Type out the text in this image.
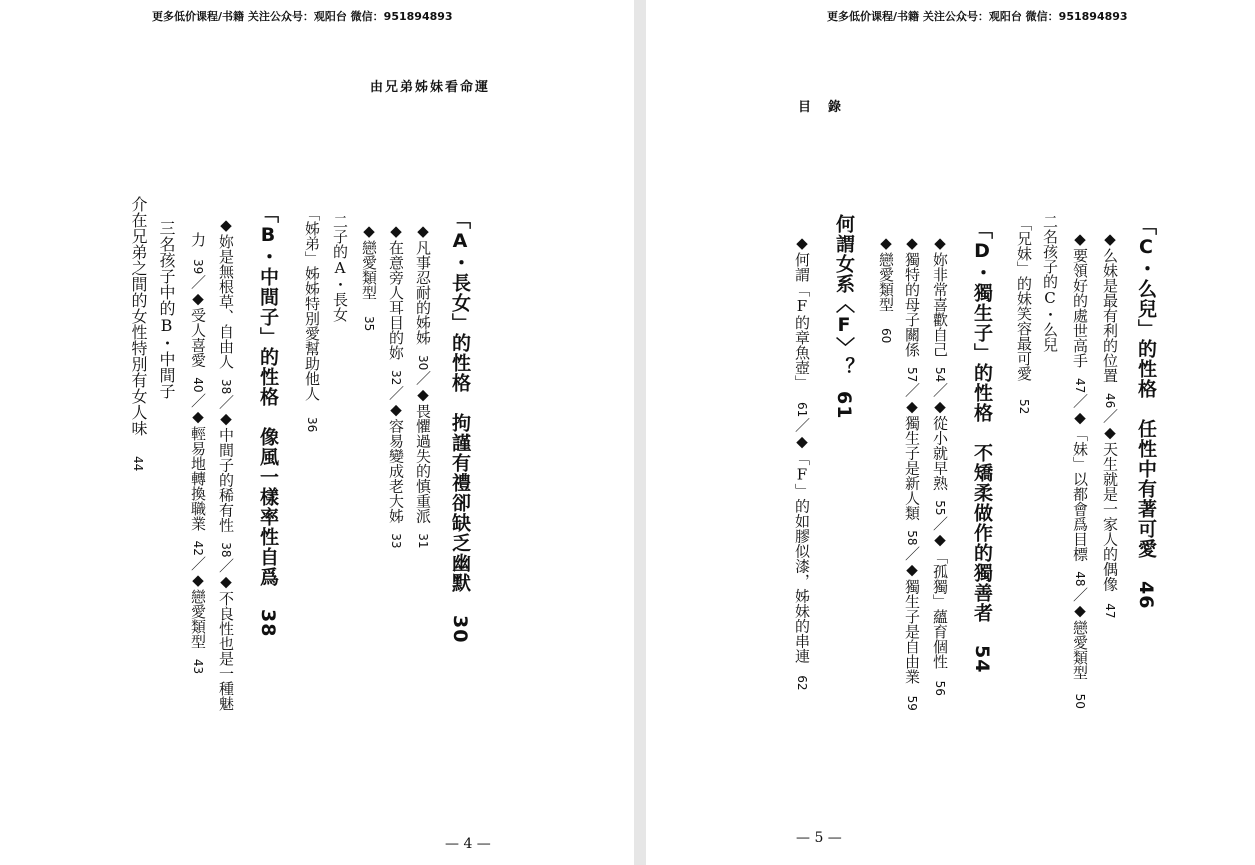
更多低价课程/书籍 关注公众号：观阳台 微信：951894893
由兄弟姊妹看命運
「A・長女」的性格　拘謹有禮卻缺乏幽默30
◆凡事忍耐的姊姊30／◆畏懼過失的慎重派31
◆在意旁人耳目的妳32／◆容易變成老大姊33
◆戀愛類型35
二子的A・長女
「姊弟」姊姊特別愛幫助他人36
「B・中間子」的性格　像風一樣率性自爲38
◆妳是無根草、自由人38／◆中間子的稀有性38／◆不良性也是一種魅
力39／◆受人喜愛40／◆輕易地轉換職業42／◆戀愛類型43
三名孩子中的B・中間子
介在兄弟之間的女性特別有女人味44
— 4 —
更多低价课程/书籍 关注公众号：观阳台 微信：951894893
目　錄
「C・么兒」的性格　任性中有著可愛46
◆么妹是最有利的位置46／◆天生就是一家人的偶像47
◆要領好的處世高手47／◆「妹」以都會爲目標48／◆戀愛類型50
二名孩子的C・么兒
「兄妹」的妹笑容最可愛52
「D・獨生子」的性格　不矯柔做作的獨善者54
◆妳非常喜歡自己54／◆從小就早熟55／◆「孤獨」蘊育個性56
◆獨特的母子關係57／◆獨生子是新人類58／◆獨生子是自由業59
◆戀愛類型60
何謂女系〈F〉？61
◆何謂「F的章魚壺」61／◆「F」的如膠似漆，姊妹的串連62
— 5 —
